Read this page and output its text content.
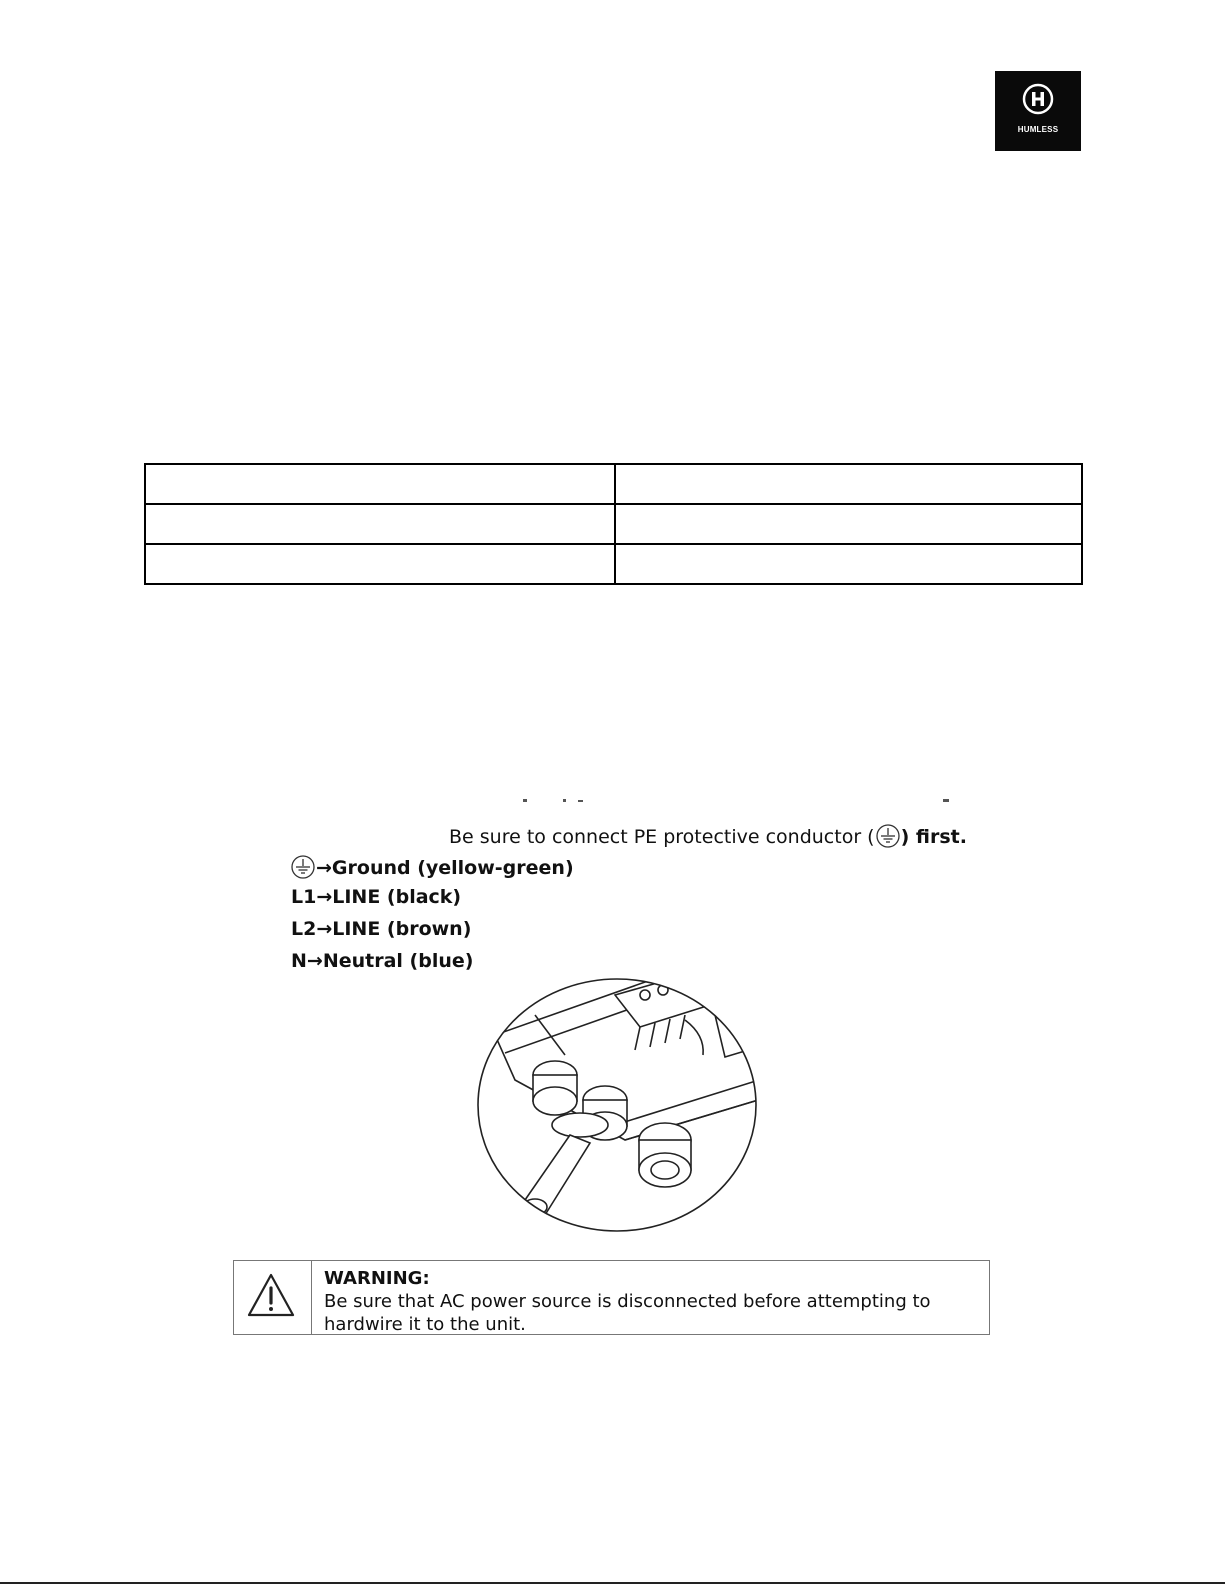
HUMLESS

Be sure to connect PE protective conductor ( ) first.
→Ground (yellow-green)
L1→LINE (black)
L2→LINE (brown)
N→Neutral (blue)
WARNING:
Be sure that AC power source is disconnected before attempting to
hardwire it to the unit.
